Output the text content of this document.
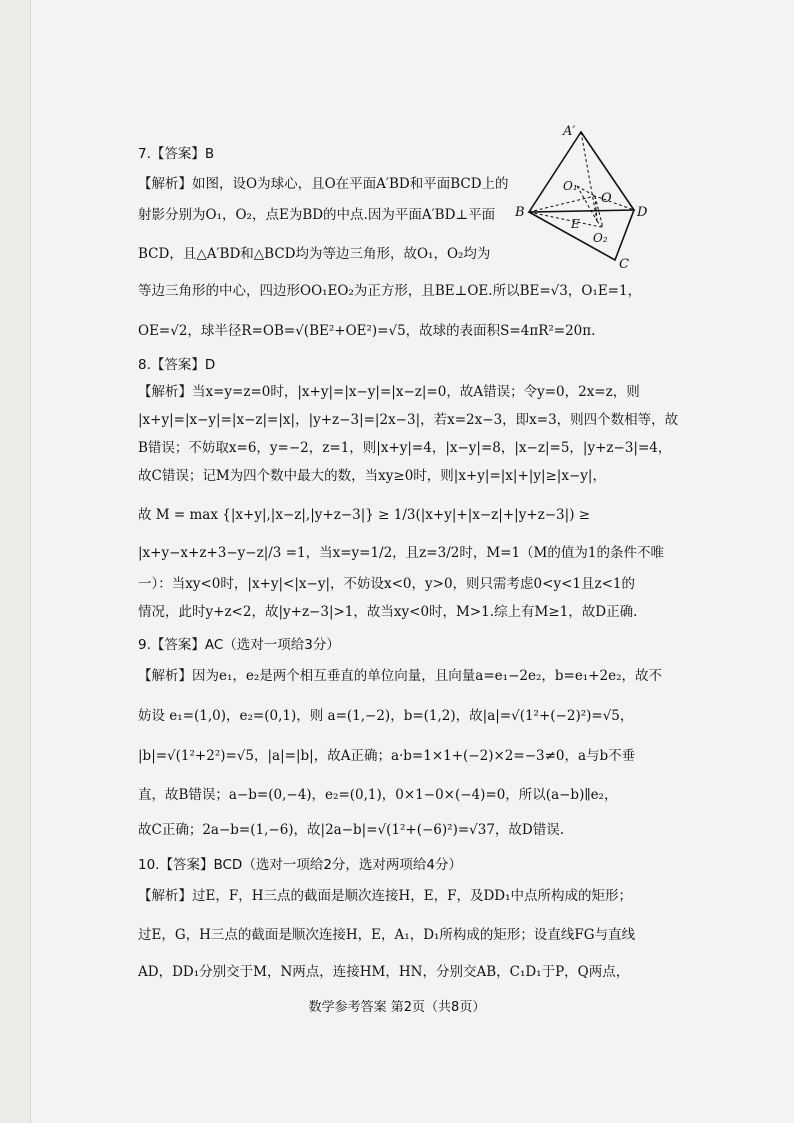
7.【答案】B
【解析】如图，设O为球心，且O在平面A′BD和平面BCD上的
射影分别为O₁，O₂，点E为BD的中点.因为平面A′BD⊥平面
BCD，且△A′BD和△BCD均为等边三角形，故O₁，O₂均为
等边三角形的中心，四边形OO₁EO₂为正方形，且BE⊥OE.所以BE=√3，O₁E=1，
OE=√2，球半径R=OB=√(BE²+OE²)=√5，故球的表面积S=4πR²=20π.
8.【答案】D
【解析】当x=y=z=0时，|x+y|=|x−y|=|x−z|=0，故A错误；令y=0，2x=z，则
|x+y|=|x−y|=|x−z|=|x|，|y+z−3|=|2x−3|，若x=2x−3，即x=3，则四个数相等，故
B错误；不妨取x=6，y=−2，z=1，则|x+y|=4，|x−y|=8，|x−z|=5，|y+z−3|=4，
故C错误；记M为四个数中最大的数，当xy≥0时，则|x+y|=|x|+|y|≥|x−y|，
故 M = max {|x+y|,|x−z|,|y+z−3|} ≥ 1/3(|x+y|+|x−z|+|y+z−3|) ≥
|x+y−x+z+3−y−z|/3 =1，当x=y=1/2，且z=3/2时，M=1（M的值为1的条件不唯
一）：当xy<0时，|x+y|<|x−y|，不妨设x<0，y>0，则只需考虑0<y<1且z<1的
情况，此时y+z<2，故|y+z−3|>1，故当xy<0时，M>1.综上有M≥1，故D正确.
9.【答案】AC（选对一项给3分）
【解析】因为e₁，e₂是两个相互垂直的单位向量，且向量a=e₁−2e₂，b=e₁+2e₂，故不
妨设 e₁=(1,0)，e₂=(0,1)，则 a=(1,−2)，b=(1,2)，故|a|=√(1²+(−2)²)=√5，
|b|=√(1²+2²)=√5，|a|=|b|，故A正确；a·b=1×1+(−2)×2=−3≠0，a与b不垂
直，故B错误；a−b=(0,−4)，e₂=(0,1)，0×1−0×(−4)=0，所以(a−b)∥e₂，
故C正确；2a−b=(1,−6)，故|2a−b|=√(1²+(−6)²)=√37，故D错误.
10.【答案】BCD（选对一项给2分，选对两项给4分）
【解析】过E，F，H三点的截面是顺次连接H，E，F，及DD₁中点所构成的矩形；
过E，G，H三点的截面是顺次连接H，E，A₁，D₁所构成的矩形；设直线FG与直线
AD，DD₁分别交于M，N两点，连接HM，HN，分别交AB，C₁D₁于P，Q两点，
A′
O₁
O
B	D
E
O₂
C
数学参考答案 第2页（共8页）
